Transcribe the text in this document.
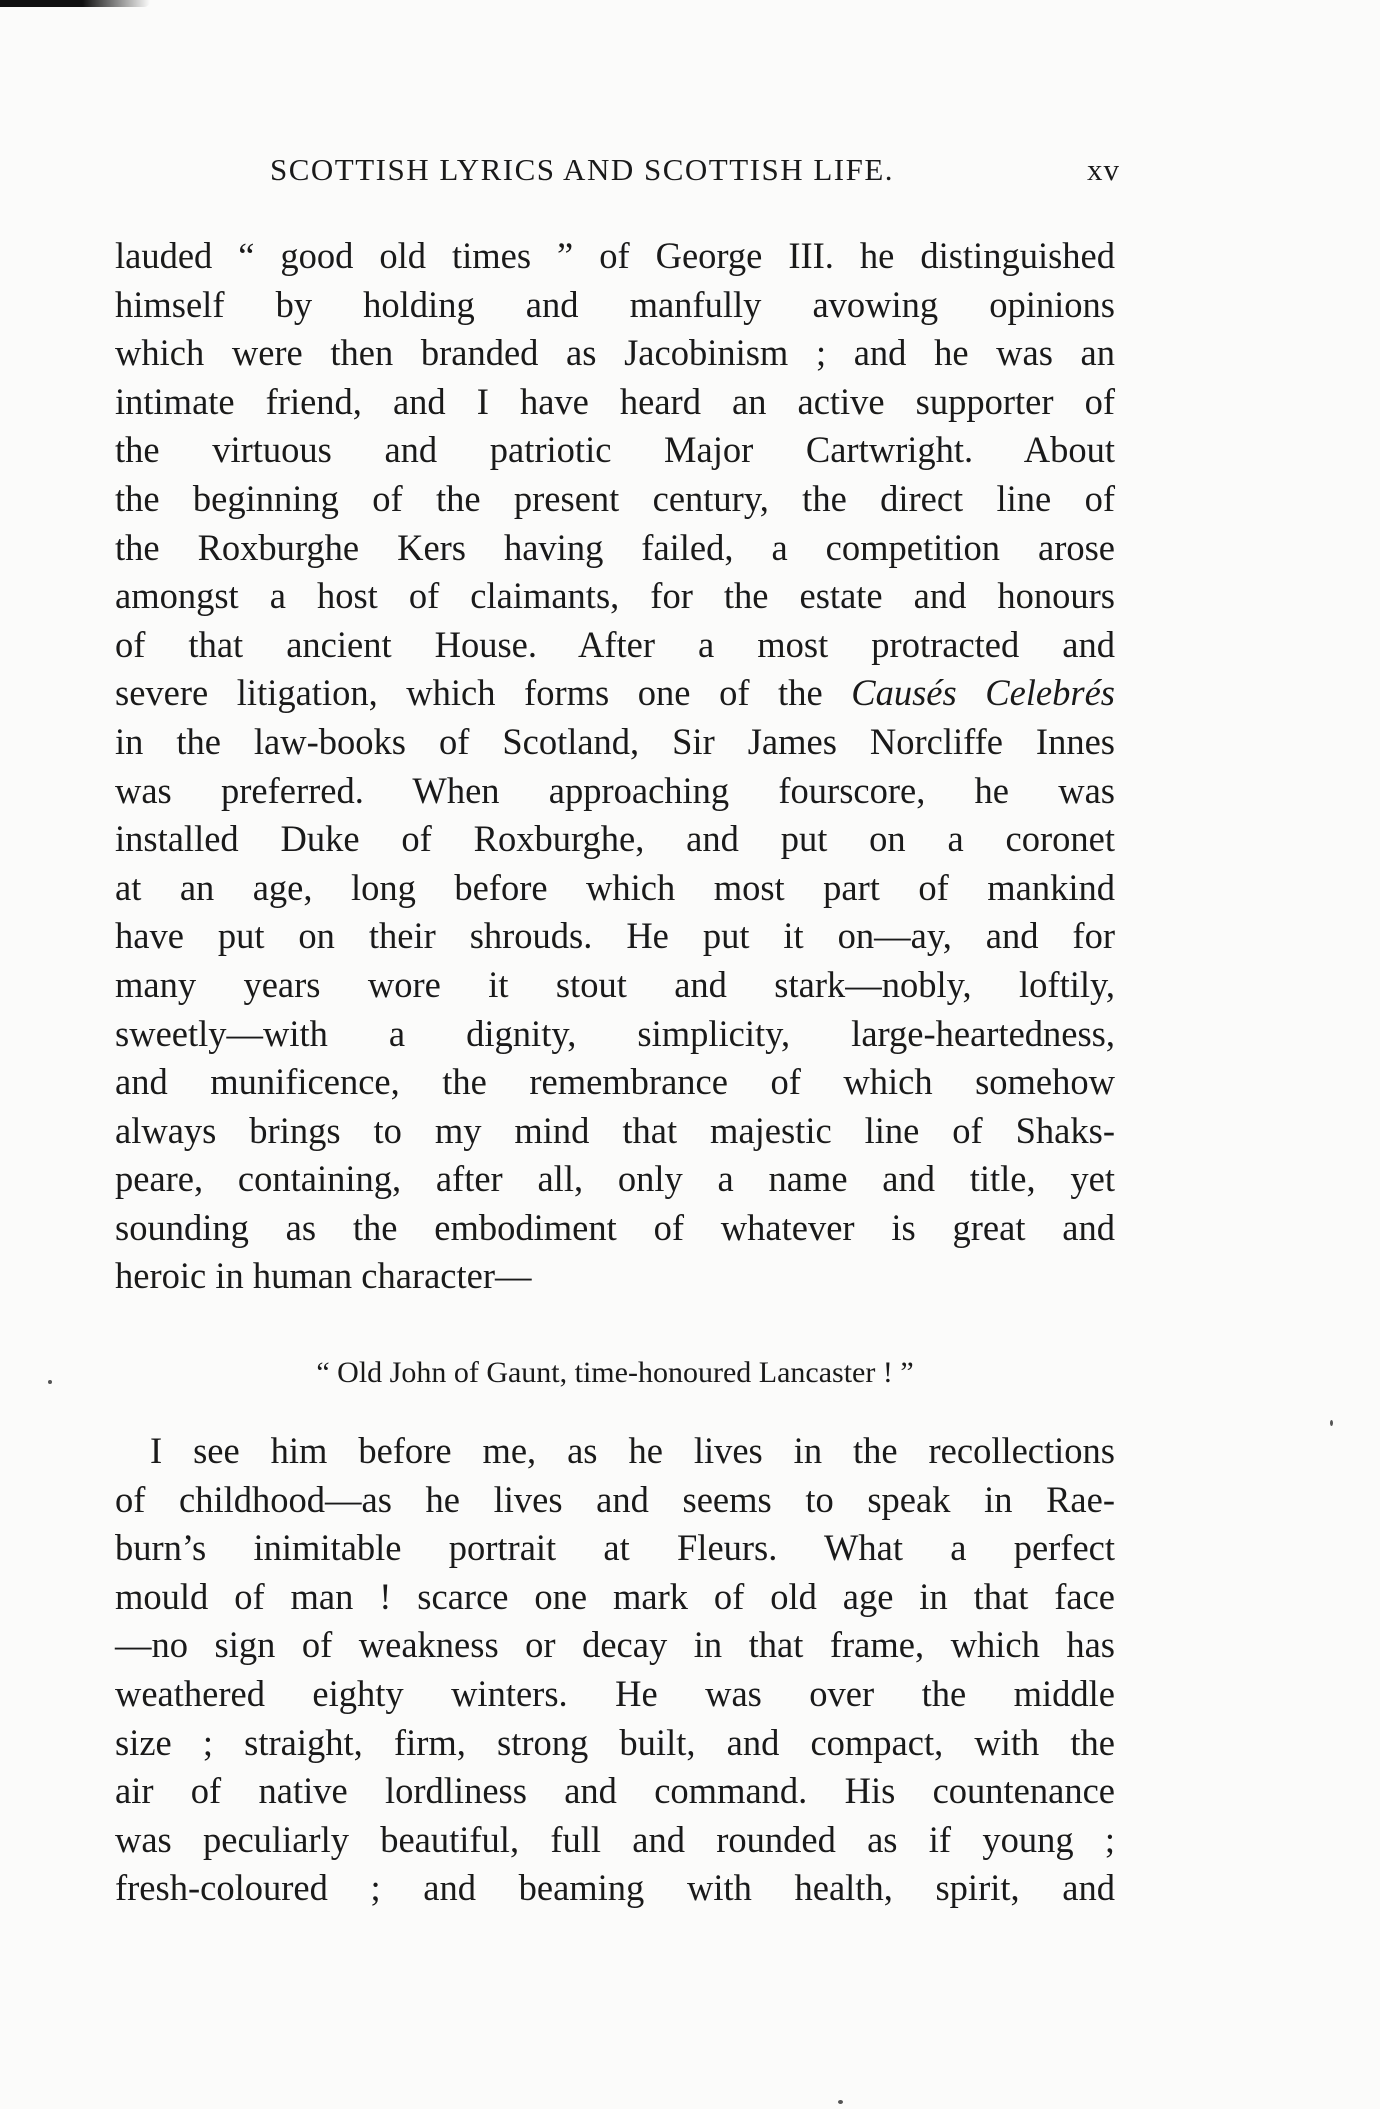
SCOTTISH LYRICS AND SCOTTISH LIFE.	xv
lauded “ good old times ” of George III. he distinguished
himself by holding and manfully avowing opinions
which were then branded as Jacobinism ; and he was an
intimate friend, and I have heard an active supporter of
the virtuous and patriotic Major Cartwright. About
the beginning of the present century, the direct line of
the Roxburghe Kers having failed, a competition arose
amongst a host of claimants, for the estate and honours
of that ancient House. After a most protracted and
severe litigation, which forms one of the Causés Celebrés
in the law-books of Scotland, Sir James Norcliffe Innes
was preferred. When approaching fourscore, he was
installed Duke of Roxburghe, and put on a coronet
at an age, long before which most part of mankind
have put on their shrouds. He put it on—ay, and for
many years wore it stout and stark—nobly, loftily,
sweetly—with a dignity, simplicity, large-heartedness,
and munificence, the remembrance of which somehow
always brings to my mind that majestic line of Shaks-
peare, containing, after all, only a name and title, yet
sounding as the embodiment of whatever is great and
heroic in human character—
“ Old John of Gaunt, time-honoured Lancaster ! ”
I see him before me, as he lives in the recollections
of childhood—as he lives and seems to speak in Rae-
burn’s inimitable portrait at Fleurs. What a perfect
mould of man ! scarce one mark of old age in that face
—no sign of weakness or decay in that frame, which has
weathered eighty winters. He was over the middle
size ; straight, firm, strong built, and compact, with the
air of native lordliness and command. His countenance
was peculiarly beautiful, full and rounded as if young ;
fresh-coloured ; and beaming with health, spirit, and
